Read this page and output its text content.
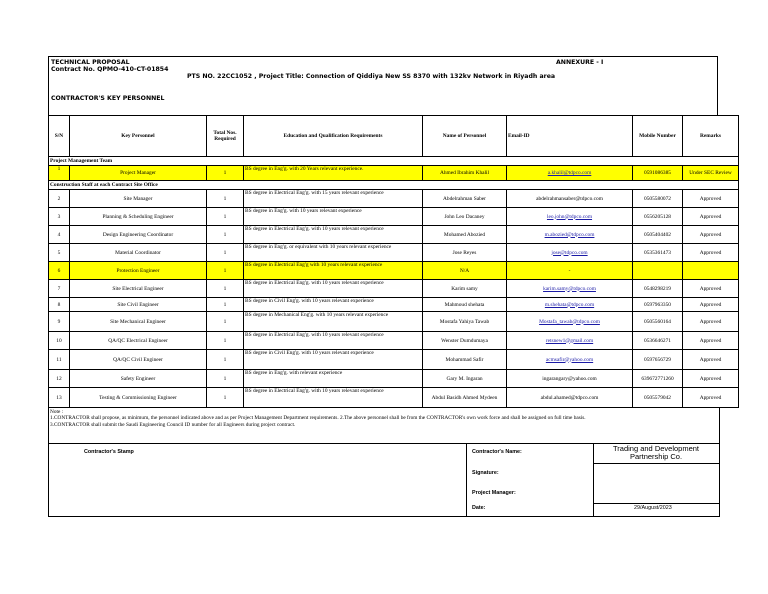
TECHNICAL PROPOSAL
Contract No. QPMO-410-CT-01854
ANNEXURE - I
PTS NO. 22CC1052 , Project Title: Connection of Qiddiya New SS 8370 with 132kv Network in Riyadh area
CONTRACTOR'S KEY PERSONNEL
S/N	Key Personnel	Total Nos. Required	Education and Qualification Requirements	Name of Personnel	Email-ID	Mobile Number	Remarks
Project Management Team							
1	Project Manager	1	BS degree in Eng'g. with 20 Years relevant experience.	Ahmed Ibrahim Khalil	a.khalil@tdpco.com	0591086385	Under SEC Review
Construction Staff at each Contract Site Office							
2	Site Manager	1	BS degree in Electrical Eng'g. with 15 years relevant experience	Abdelrahman Saber	abdelrahmansaber@tdpco.com	0505580072	Approved
3	Planning & Scheduling Engineer	1	BS degree in Eng'g. with 10 years relevant experience	John Leo Dacaney	leo.john@tdpco.com	0556205128	Approved
4	Design Engineering Coordinator	1	BS degree in Electrical Eng'g. with 10 years relevant experience	Mohamed Abozied	m.abozied@tdpco.com	0505404402	Approved
5	Material Coordinator	1	BS degree in Eng'g. or equivalent with 10 years relevant experience	Jose Reyes	jose@tdpco.com	0535361473	Approved
6	Protection Engineer	1	BS degree in Electrical Eng'g with 10 years relevant experience	N/A	-		
7	Site Electrical Engineer	1	BS degree in Electrical Eng'g. with 10 years relevant experience	Karim samy	karim.samy@tdpco.com	0548298219	Approved
8	Site Civil Engineer	1	BS degree in Civil Eng'g. with 10 years relevant experience	Mahmoud shehata	m.shehata@tdpco.com	0597963350	Approved
9	Site Mechanical Engineer	1	BS degree in Mechanical Eng'g. with 10 years relevant experience	Mostafa Yahiya Tawab	Mostafa_tawab@tdpco.com	0505560164	Approved
10	QA/QC Electrical Engineer	1	BS degree in Electrical Eng'g. with 10 years relevant experience	Wenster Dumdumaya	retsnew1@gmail.com	0536646271	Approved
11	QA/QC Civil Engineer	1	BS degree in Civil Eng'g. with 10 years relevant experience	Mohammad Safir	acmsafir@yahoo.com	0597656729	Approved
12	Safety Engineer	1	BS degree in Eng'g. with relevant experience	Gary M. Ingaran	ingarangary@yahoo.com	639672771260	Approved
13	Testing & Commissioning Engineer	1	BS degree in Electrical Eng'g. with 10 years relevant experience	Abdul Basidh Ahmed Mydeen	abdul.ahamed@tdpco.com	0505579042	Approved
Note :
1.CONTRACTOR shall propose, as minimum, the personnel indicated above and as per Project Management Department requirements. 2.The above personnel shall be from the CONTRACTOR's own work force and shall be assigned on full time basis.
3.CONTRACTOR shall submit the Saudi Engineering Council ID number for all Engineers during project contract.
Contractor's Stamp	Contractor's Name:	Trading and Development Partnership Co.
Signature:
Project Manager:
Date:	29/August/2023
